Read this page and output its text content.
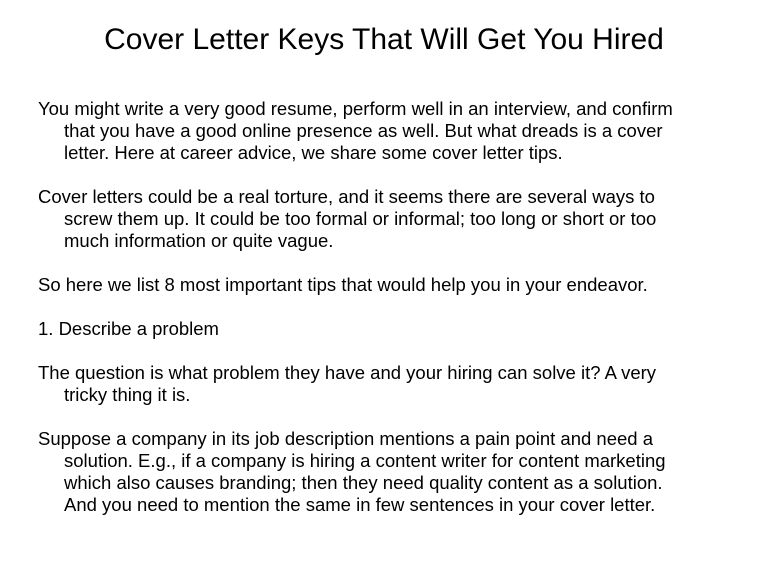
Cover Letter Keys That Will Get You Hired

You might write a very good resume, perform well in an interview, and confirm
that you have a good online presence as well. But what dreads is a cover
letter. Here at career advice, we share some cover letter tips.

Cover letters could be a real torture, and it seems there are several ways to
screw them up. It could be too formal or informal; too long or short or too
much information or quite vague.

So here we list 8 most important tips that would help you in your endeavor.

1. Describe a problem

The question is what problem they have and your hiring can solve it? A very
tricky thing it is.

Suppose a company in its job description mentions a pain point and need a
solution. E.g., if a company is hiring a content writer for content marketing
which also causes branding; then they need quality content as a solution.
And you need to mention the same in few sentences in your cover letter.
